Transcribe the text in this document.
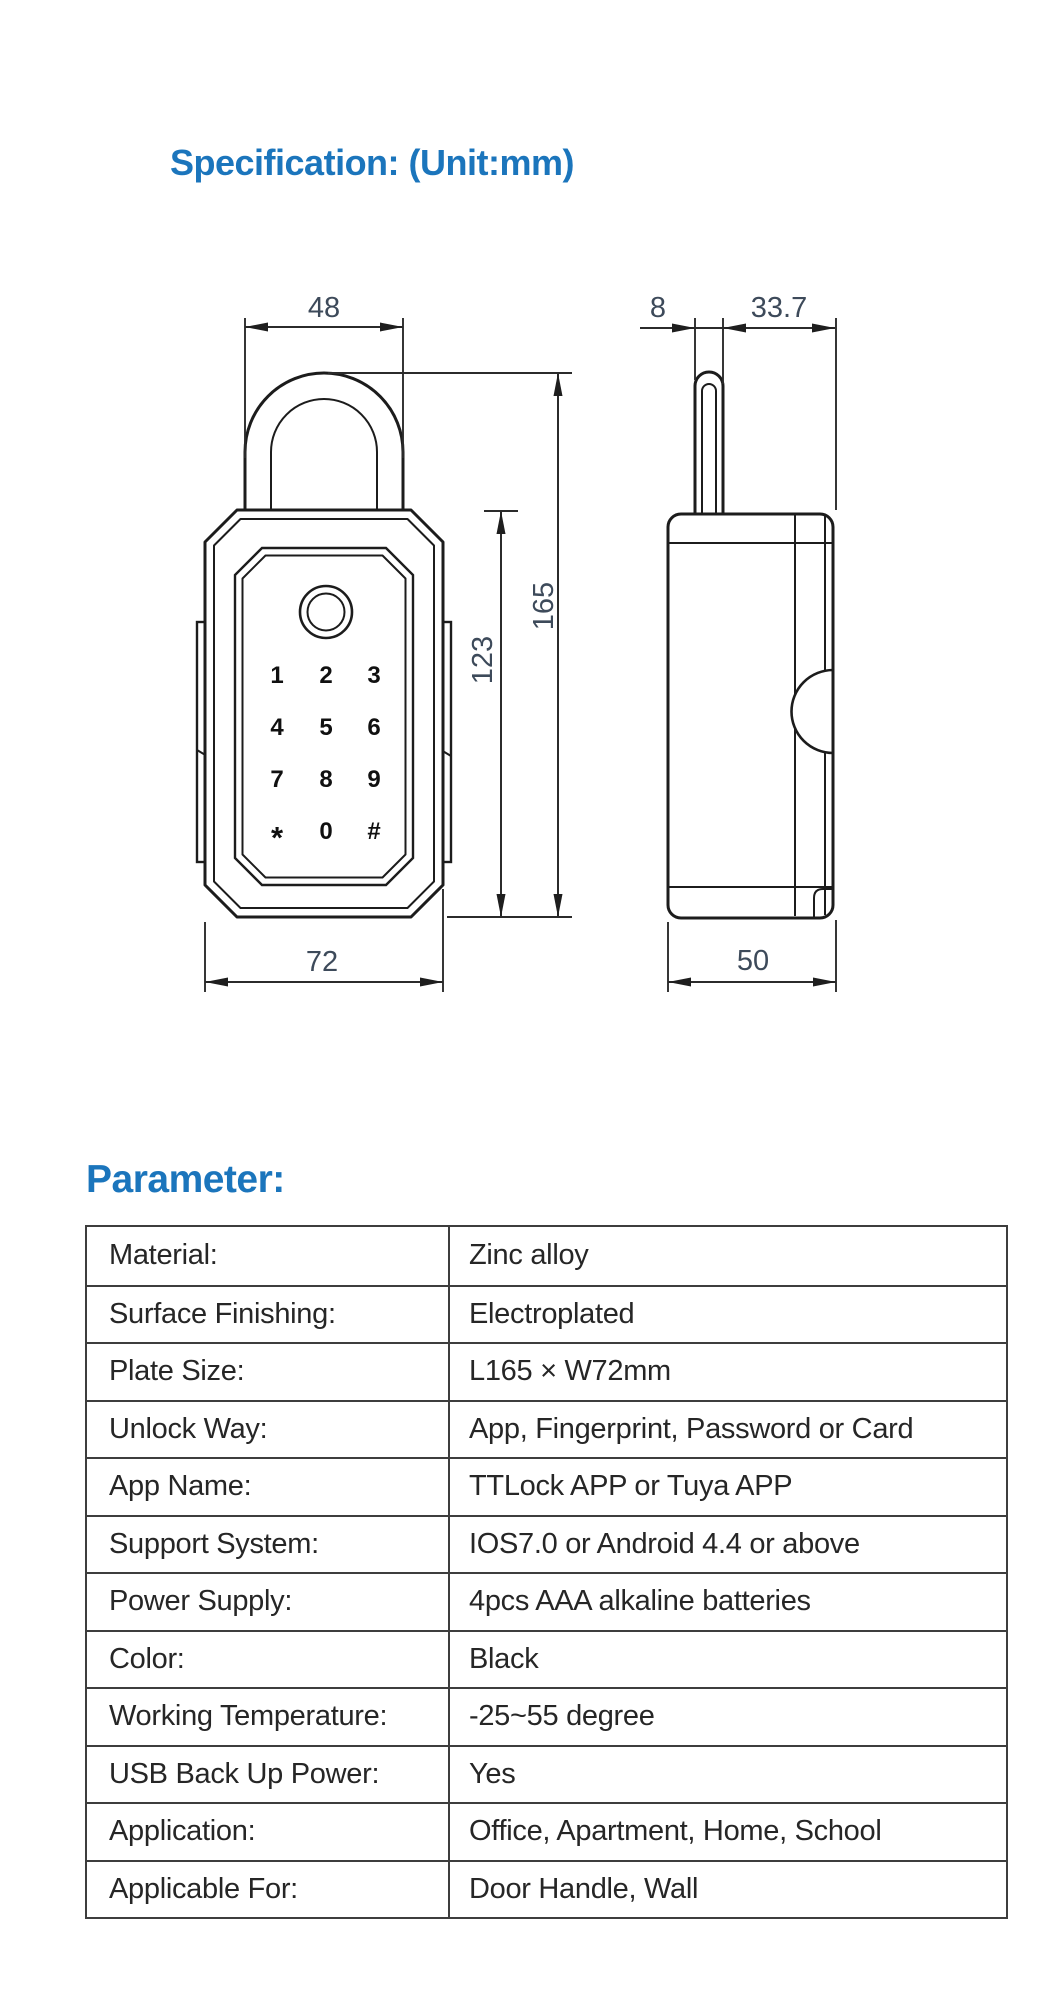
Specification: (Unit:mm)
48
1 2 3
4 5 6
7 8 9
* 0 #
123
165
72
8	33.7
50
Parameter:
Material:	Zinc alloy
Surface Finishing:	Electroplated
Plate Size:	L165 × W72mm
Unlock Way:	App, Fingerprint, Password or Card
App Name:	TTLock APP or Tuya APP
Support System:	IOS7.0 or Android 4.4 or above
Power Supply:	4pcs AAA alkaline batteries
Color:	Black
Working Temperature:	-25~55 degree
USB Back Up Power:	Yes
Application:	Office, Apartment, Home, School
Applicable For:	Door Handle, Wall
